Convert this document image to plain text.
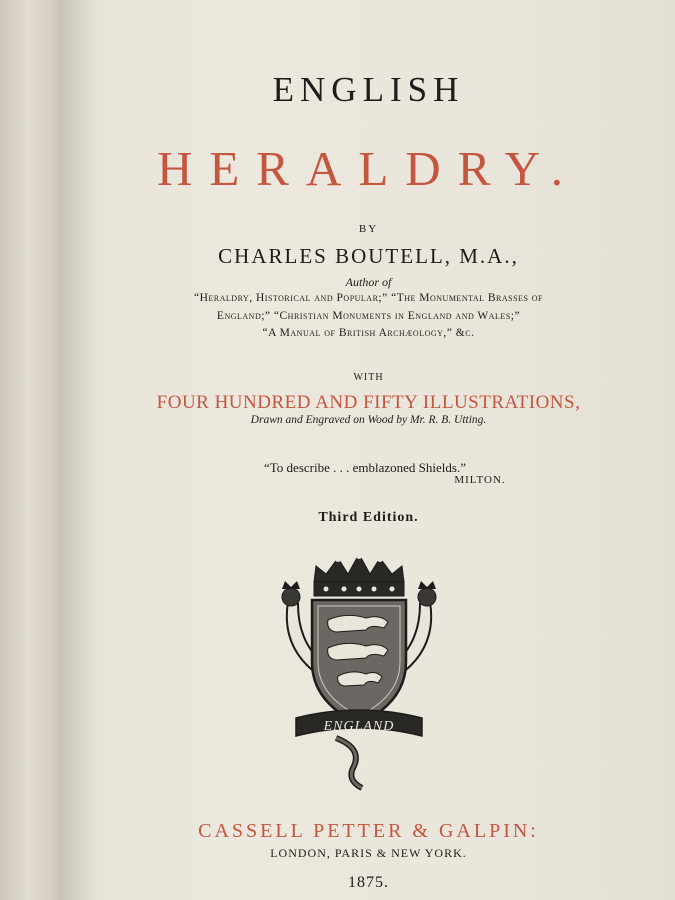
ENGLISH
HERALDRY.
BY
CHARLES BOUTELL, M.A.,
Author of
“Heraldry, Historical and Popular;” “The Monumental Brasses of
England;” “Christian Monuments in England and Wales;”
“A Manual of British Archæology,” &c.
WITH
FOUR HUNDRED AND FIFTY ILLUSTRATIONS,
Drawn and Engraved on Wood by Mr. R. B. Utting.
“To describe . . . emblazoned Shields.”
MILTON.
Third Edition.
ENGLAND
CASSELL PETTER & GALPIN:
LONDON, PARIS & NEW YORK.
1875.
